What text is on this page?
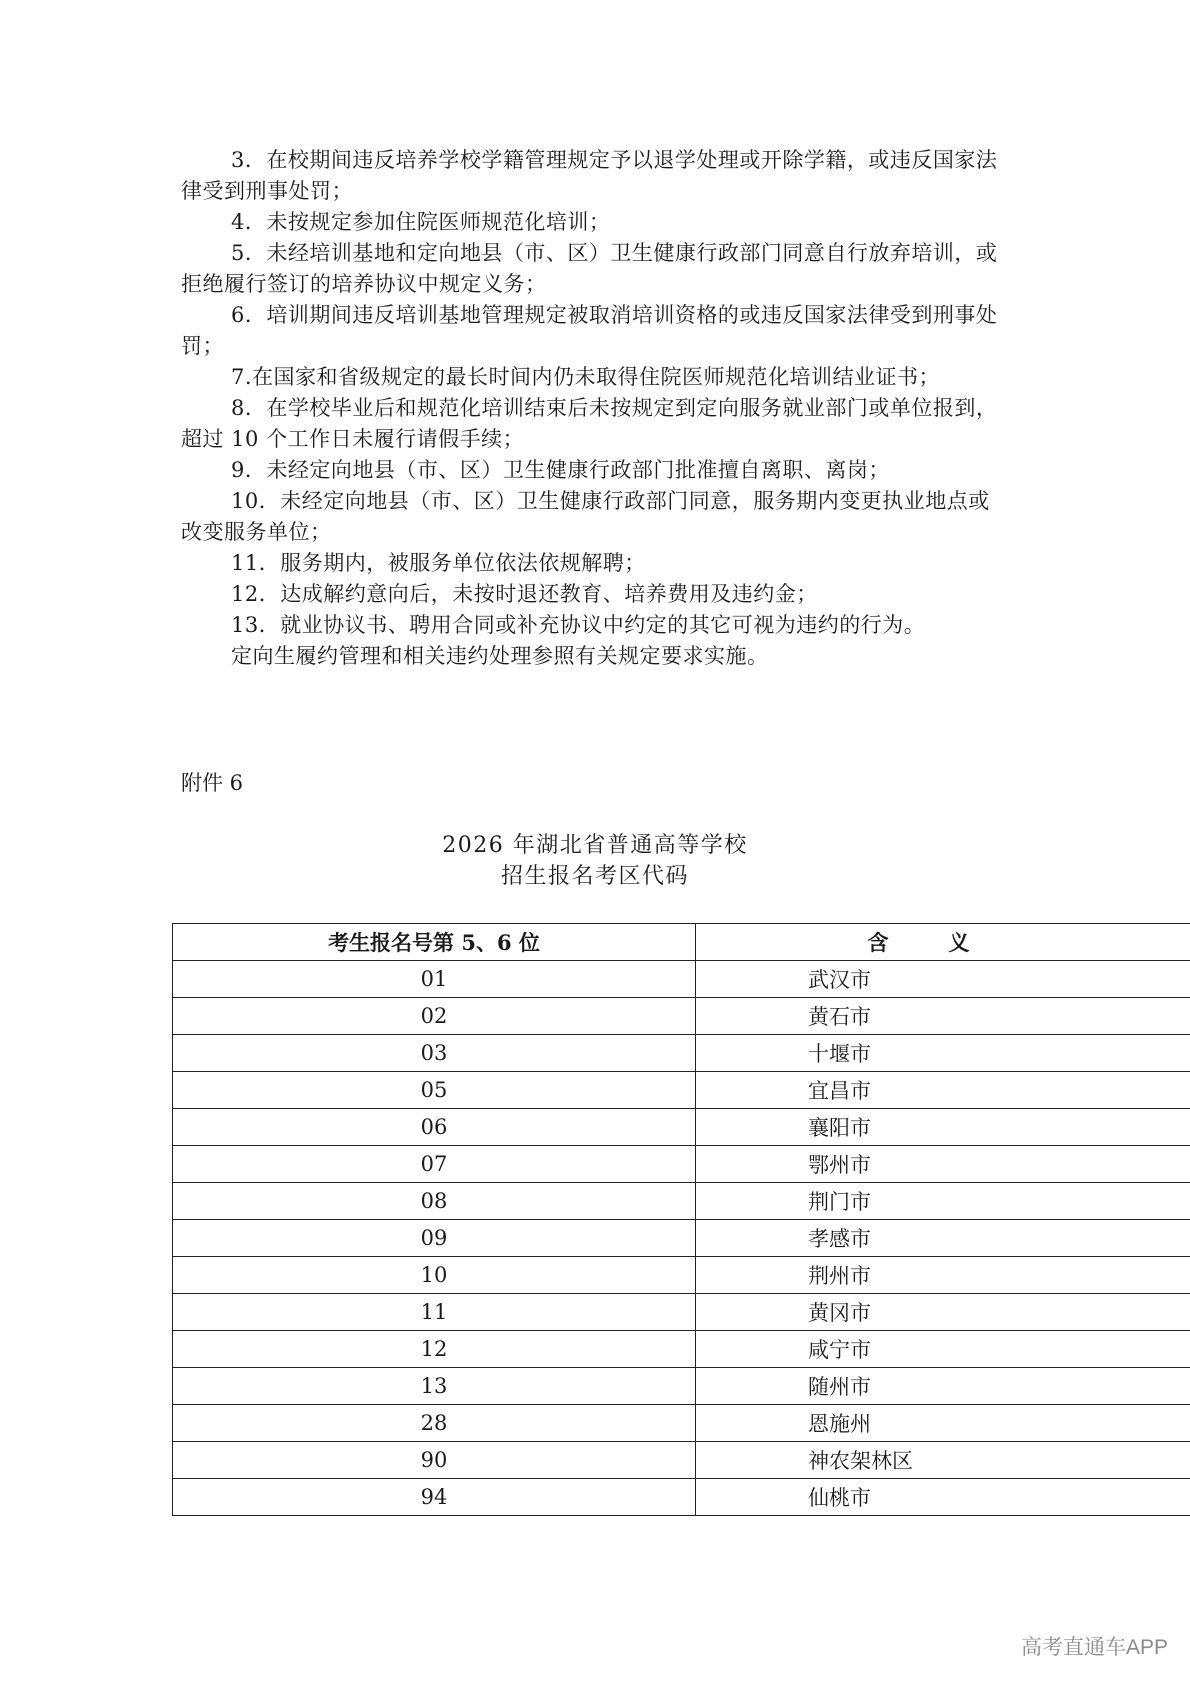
3．在校期间违反培养学校学籍管理规定予以退学处理或开除学籍，或违反国家法律受到刑事处罚；

4．未按规定参加住院医师规范化培训；

5．未经培训基地和定向地县（市、区）卫生健康行政部门同意自行放弃培训，或拒绝履行签订的培养协议中规定义务；

6．培训期间违反培训基地管理规定被取消培训资格的或违反国家法律受到刑事处罚；

7.在国家和省级规定的最长时间内仍未取得住院医师规范化培训结业证书；

8．在学校毕业后和规范化培训结束后未按规定到定向服务就业部门或单位报到，超过 10 个工作日未履行请假手续；

9．未经定向地县（市、区）卫生健康行政部门批准擅自离职、离岗；

10．未经定向地县（市、区）卫生健康行政部门同意，服务期内变更执业地点或改变服务单位；

11．服务期内，被服务单位依法依规解聘；

12．达成解约意向后，未按时退还教育、培养费用及违约金；

13．就业协议书、聘用合同或补充协议中约定的其它可视为违约的行为。

定向生履约管理和相关违约处理参照有关规定要求实施。

附件 6

2026 年湖北省普通高等学校

招生报名考区代码

考生报名号第 5、6 位	含义
01	武汉市
02	黄石市
03	十堰市
05	宜昌市
06	襄阳市
07	鄂州市
08	荆门市
09	孝感市
10	荆州市
11	黄冈市
12	咸宁市
13	随州市
28	恩施州
90	神农架林区
94	仙桃市
高考直通车APP
